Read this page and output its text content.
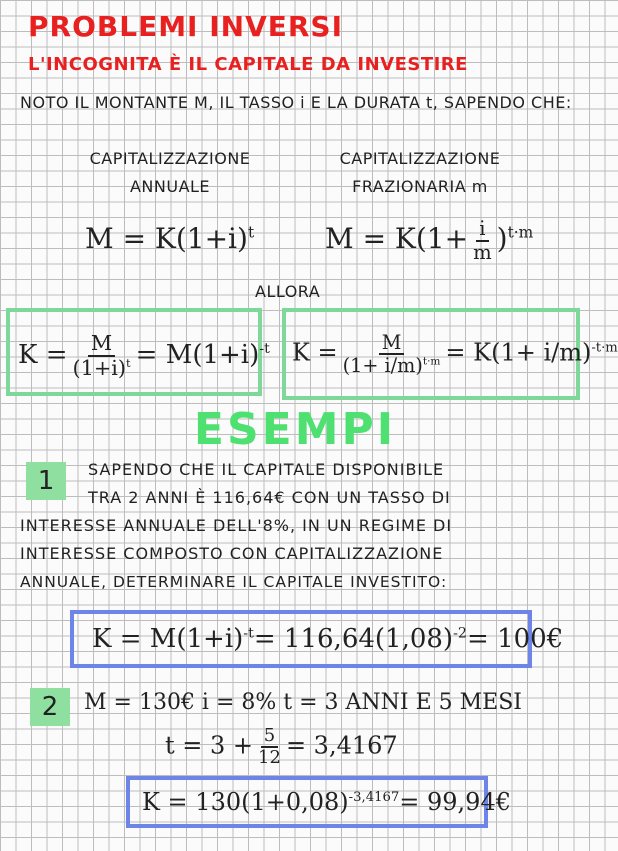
PROBLEMI INVERSI
L'INCOGNITA È IL CAPITALE DA INVESTIRE
NOTO IL MONTANTE M, IL TASSO i E LA DURATA t, SAPENDO CHE:
CAPITALIZZAZIONE
ANNUALE
CAPITALIZZAZIONE
FRAZIONARIA m
$M = K(1+i)^t$	$M = K(1+ \frac{i}{m} )^{t\cdot m}$
ALLORA
$K = \frac{M}{(1+i)^t} = M(1+i)^{-t}$ $K = \frac{M}{(1+ i/m)^{t\cdot m}} = K(1+ i/m)^{-t\cdot m}$
ESEMPI
1	SAPENDO CHE IL CAPITALE DISPONIBILE
TRA 2 ANNI È 116,64€ CON UN TASSO DI
INTERESSE ANNUALE DELL'8%, IN UN REGIME DI
INTERESSE COMPOSTO CON CAPITALIZZAZIONE
ANNUALE, DETERMINARE IL CAPITALE INVESTITO:
$K = M(1+i)^{-t}= 116,64(1,08)^{-2}=$ 100€
2	M = 130€ i = 8% t = 3 ANNI E 5 MESI
$t = 3 + \frac{5}{12} = 3,4167$
$K = 130(1+0,08)^{-3,4167}=$ 99,94€
